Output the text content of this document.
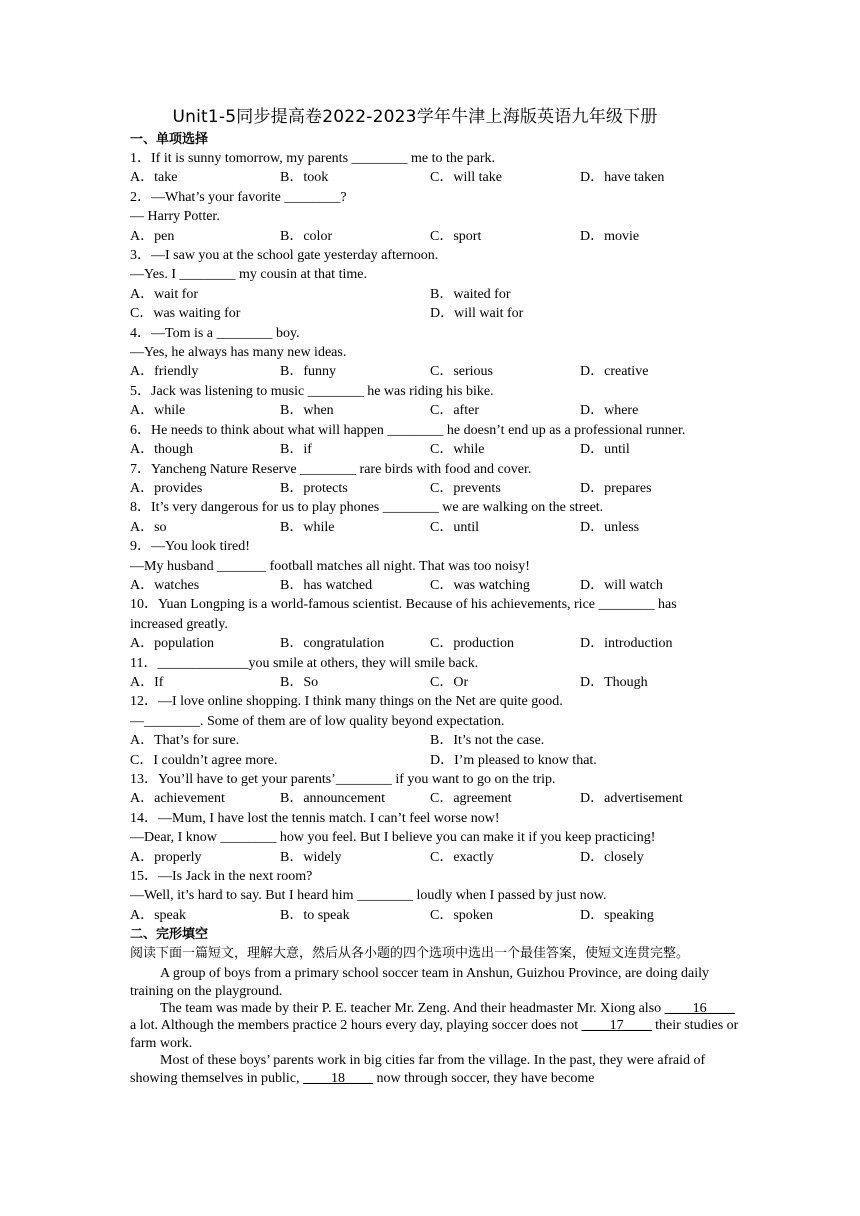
Unit1-5同步提高卷2022-2023学年牛津上海版英语九年级下册
一、单项选择
1．If it is sunny tomorrow, my parents ________ me to the park.
A．take	B．took	C．will take	D．have taken
2．—What’s your favorite ________?
— Harry Potter.
A．pen	B．color	C．sport	D．movie
3．—I saw you at the school gate yesterday afternoon.
—Yes. I ________ my cousin at that time.
A．wait for	B．waited for
C．was waiting for	D．will wait for
4．—Tom is a ________ boy.
—Yes, he always has many new ideas.
A．friendly	B．funny	C．serious	D．creative
5．Jack was listening to music ________ he was riding his bike.
A．while	B．when	C．after	D．where
6．He needs to think about what will happen ________ he doesn’t end up as a professional runner.
A．though	B．if	C．while	D．until
7．Yancheng Nature Reserve ________ rare birds with food and cover.
A．provides	B．protects	C．prevents	D．prepares
8．It’s very dangerous for us to play phones ________ we are walking on the street.
A．so	B．while	C．until	D．unless
9．—You look tired!
—My husband _______ football matches all night. That was too noisy!
A．watches	B．has watched	C．was watching	D．will watch
10．Yuan Longping is a world-famous scientist. Because of his achievements, rice ________ has
increased greatly.
A．population	B．congratulation	C．production	D．introduction
11．_____________you smile at others, they will smile back.
A．If	B．So	C．Or	D．Though
12．—I love online shopping. I think many things on the Net are quite good.
—________. Some of them are of low quality beyond expectation.
A．That’s for sure.	B．It’s not the case.
C．I couldn’t agree more.	D．I’m pleased to know that.
13．You’ll have to get your parents’________ if you want to go on the trip.
A．achievement	B．announcement	C．agreement	D．advertisement
14．—Mum, I have lost the tennis match. I can’t feel worse now!
—Dear, I know ________ how you feel. But I believe you can make it if you keep practicing!
A．properly	B．widely	C．exactly	D．closely
15．—Is Jack in the next room?
—Well, it’s hard to say. But I heard him ________ loudly when I passed by just now.
A．speak	B．to speak	C．spoken	D．speaking
二、完形填空
阅读下面一篇短文，理解大意，然后从各小题的四个选项中选出一个最佳答案，使短文连贯完整。
A group of boys from a primary school soccer team in Anshun, Guizhou Province, are doing daily training on the playground.
The team was made by their P. E. teacher Mr. Zeng. And their headmaster Mr. Xiong also ____16____ a lot. Although the members practice 2 hours every day, playing soccer does not ____17____ their studies or farm work.
Most of these boys’ parents work in big cities far from the village. In the past, they were afraid of showing themselves in public, ____18____ now through soccer, they have become
